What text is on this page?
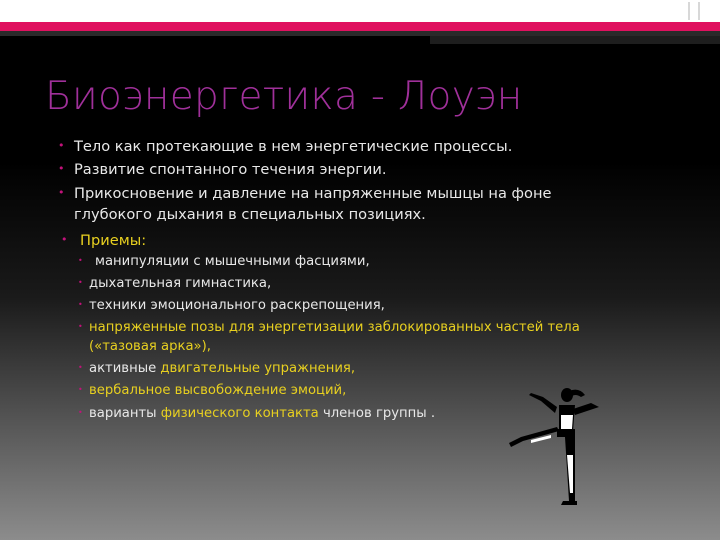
Биоэнергетика - Лоуэн
• Тело как протекающие в нем энергетические процессы.
• Развитие спонтанного течения энергии.
• Прикосновение и давление на напряженные мышцы на фоне
глубокого дыхания в специальных позициях.
• Приемы:
• манипуляции с мышечными фасциями,
• дыхательная гимнастика,
• техники эмоционального раскрепощения,
• напряженные позы для энергетизации заблокированных частей тела
(«тазовая арка»),
• активные двигательные упражнения,
• вербальное высвобождение эмоций,
• варианты физического контакта членов группы .
